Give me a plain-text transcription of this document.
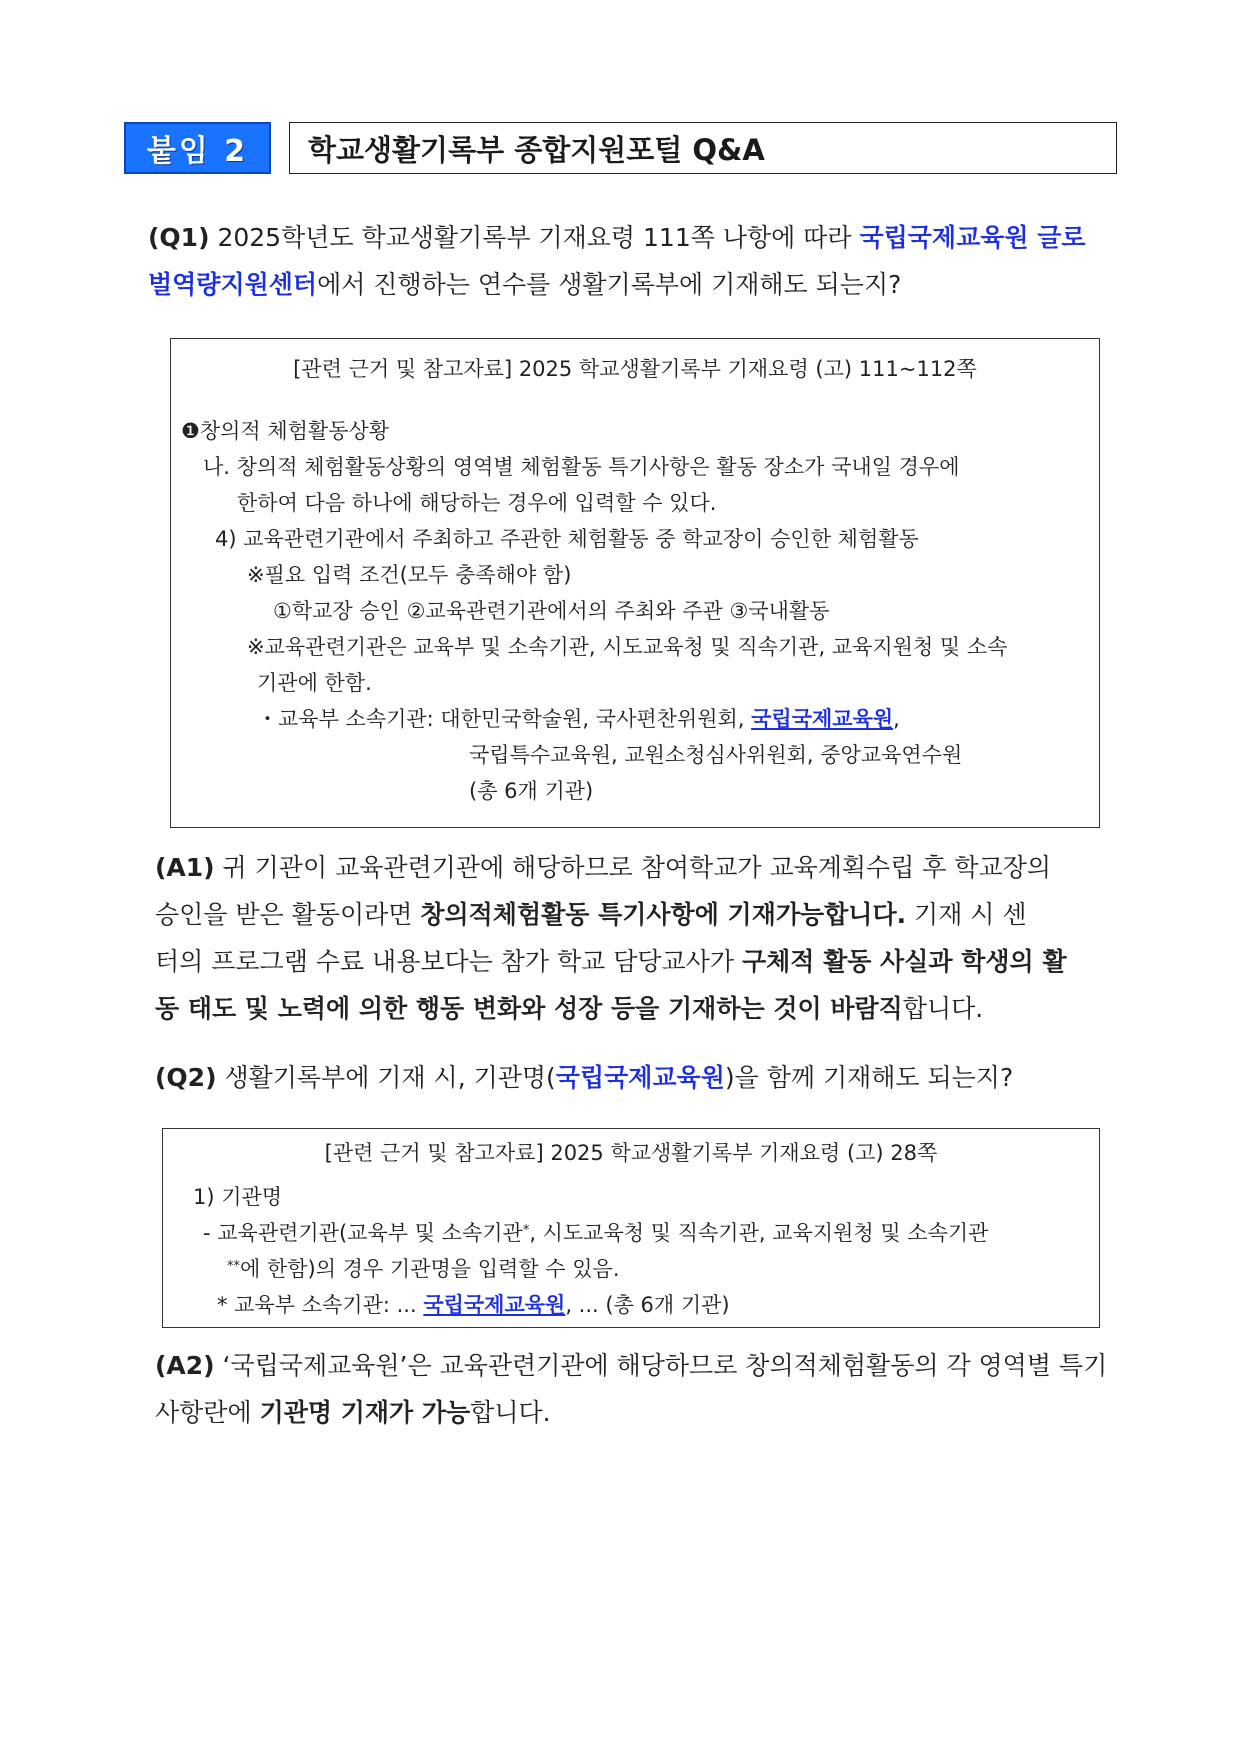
붙임 2	학교생활기록부 종합지원포털 Q&A
(Q1) 2025학년도 학교생활기록부 기재요령 111쪽 나항에 따라 국립국제교육원 글로
벌역량지원센터에서 진행하는 연수를 생활기록부에 기재해도 되는지?
[관련 근거 및 참고자료] 2025 학교생활기록부 기재요령 (고) 111~112쪽
❶창의적 체험활동상황
나. 창의적 체험활동상황의 영역별 체험활동 특기사항은 활동 장소가 국내일 경우에
한하여 다음 하나에 해당하는 경우에 입력할 수 있다.
4) 교육관련기관에서 주최하고 주관한 체험활동 중 학교장이 승인한 체험활동
※필요 입력 조건(모두 충족해야 함)
①학교장 승인 ②교육관련기관에서의 주최와 주관 ③국내활동
※교육관련기관은 교육부 및 소속기관, 시도교육청 및 직속기관, 교육지원청 및 소속
기관에 한함.
・교육부 소속기관: 대한민국학술원, 국사편찬위원회, 국립국제교육원,
국립특수교육원, 교원소청심사위원회, 중앙교육연수원
(총 6개 기관)
(A1) 귀 기관이 교육관련기관에 해당하므로 참여학교가 교육계획수립 후 학교장의
승인을 받은 활동이라면 창의적체험활동 특기사항에 기재가능합니다. 기재 시 센
터의 프로그램 수료 내용보다는 참가 학교 담당교사가 구체적 활동 사실과 학생의 활
동 태도 및 노력에 의한 행동 변화와 성장 등을 기재하는 것이 바람직합니다.
(Q2) 생활기록부에 기재 시, 기관명(국립국제교육원)을 함께 기재해도 되는지?
[관련 근거 및 참고자료] 2025 학교생활기록부 기재요령 (고) 28쪽
1) 기관명
- 교육관련기관(교육부 및 소속기관*, 시도교육청 및 직속기관, 교육지원청 및 소속기관
**에 한함)의 경우 기관명을 입력할 수 있음.
* 교육부 소속기관: ... 국립국제교육원, ... (총 6개 기관)
(A2) ‘국립국제교육원’은 교육관련기관에 해당하므로 창의적체험활동의 각 영역별 특기
사항란에 기관명 기재가 가능합니다.
